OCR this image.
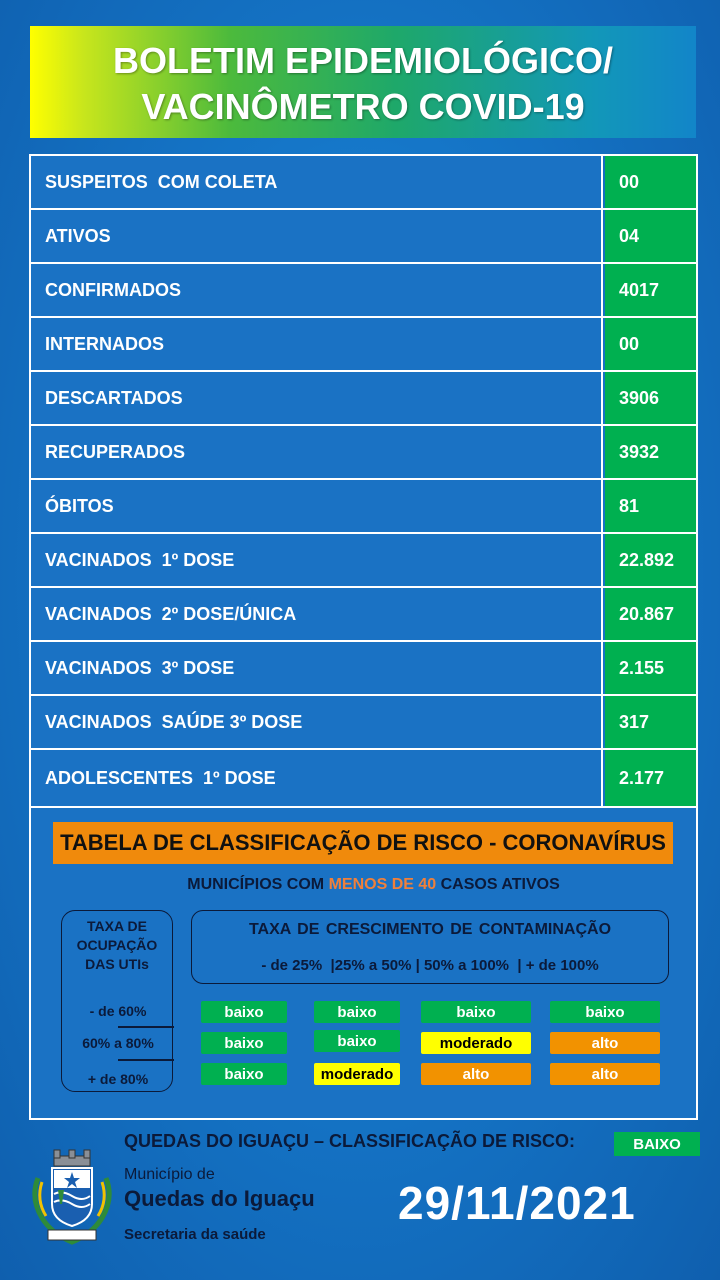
BOLETIM EPIDEMIOLÓGICO/
VACINÔMETRO COVID-19
SUSPEITOS  COM COLETA	00
ATIVOS	04
CONFIRMADOS	4017
INTERNADOS	00
DESCARTADOS	3906
RECUPERADOS	3932
ÓBITOS	81
VACINADOS  1º DOSE	22.892
VACINADOS  2º DOSE/ÚNICA	20.867
VACINADOS  3º DOSE	2.155
VACINADOS  SAÚDE 3º DOSE	317
ADOLESCENTES  1º DOSE	2.177
TABELA DE CLASSIFICAÇÃO DE RISCO - CORONAVÍRUS
MUNICÍPIOS COM MENOS DE 40 CASOS ATIVOS
TAXA DE
OCUPAÇÃO
DAS UTIs
- de 60%
60% a 80%
+ de 80%
TAXA DE CRESCIMENTO DE CONTAMINAÇÃO
- de 25%  |25% a 50% | 50% a 100%  | + de 100%
baixo	baixo	baixo	baixo
baixo	baixo	moderado	alto
baixo	moderado	alto	alto
QUEDAS DO IGUAÇU – CLASSIFICAÇÃO DE RISCO:	BAIXO
Município de
Quedas do Iguaçu
Secretaria da saúde
29/11/2021
